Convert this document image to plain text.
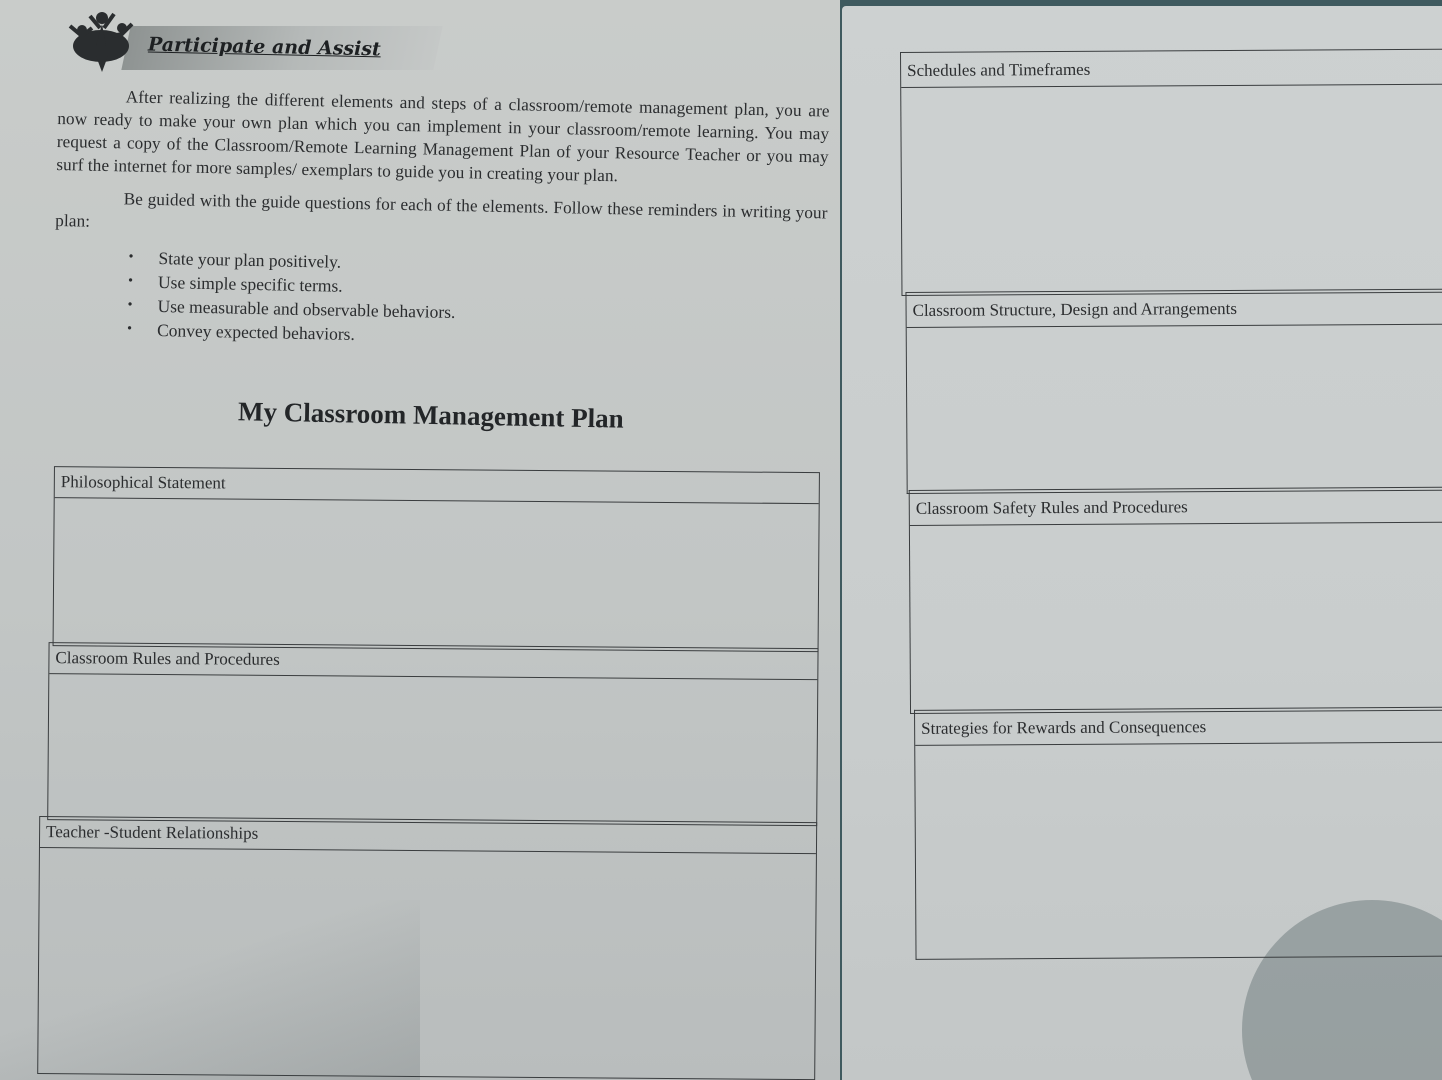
Participate and Assist

After realizing the different elements and steps of a classroom/remote management plan, you are now ready to make your own plan which you can implement in your classroom/remote learning. You may request a copy of the Classroom/Remote Learning Management Plan of your Resource Teacher or you may surf the internet for more samples/ exemplars to guide you in creating your plan.

Be guided with the guide questions for each of the elements. Follow these reminders in writing your plan:

• State your plan positively.
• Use simple specific terms.
• Use measurable and observable behaviors.
• Convey expected behaviors.
My Classroom Management Plan
Philosophical Statement
Classroom Rules and Procedures
Teacher -Student Relationships
Schedules and Timeframes
Classroom Structure, Design and Arrangements
Classroom Safety Rules and Procedures
Strategies for Rewards and Consequences
